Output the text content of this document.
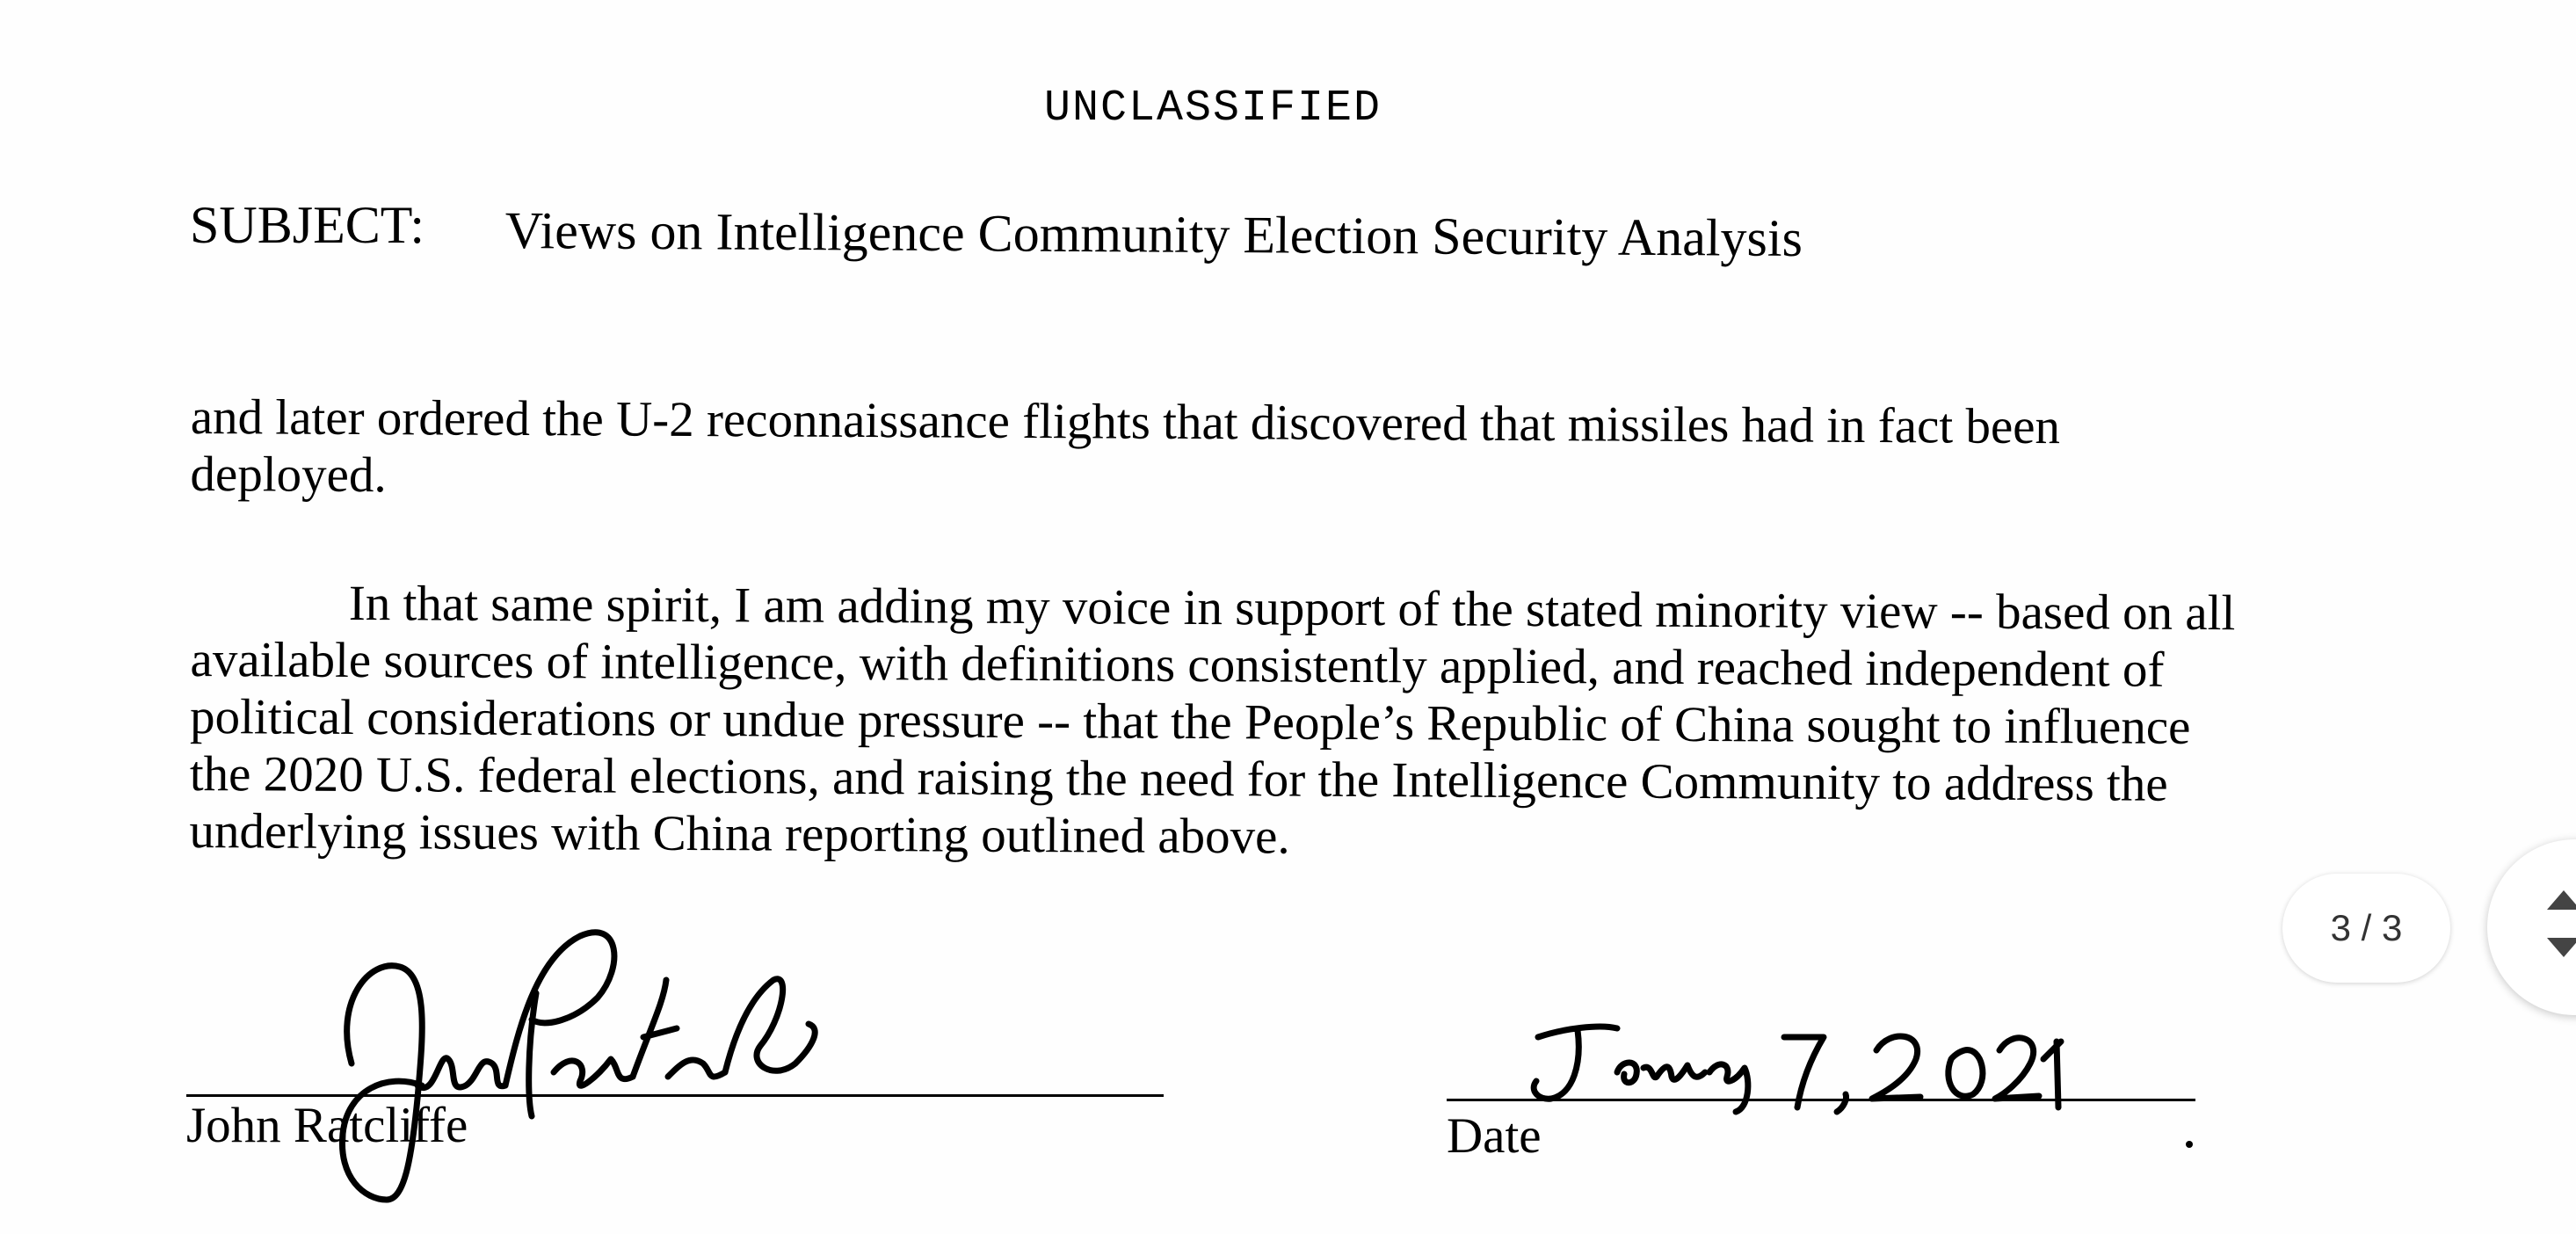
UNCLASSIFIED
SUBJECT: Views on Intelligence Community Election Security Analysis
and later ordered the U-2 reconnaissance flights that discovered that missiles had in fact been deployed.
In that same spirit, I am adding my voice in support of the stated minority view -- based on all available sources of intelligence, with definitions consistently applied, and reached independent of political considerations or undue pressure -- that the People’s Republic of China sought to influence the 2020 U.S. federal elections, and raising the need for the Intelligence Community to address the underlying issues with China reporting outlined above.
John Ratcliffe	Date
3 / 3
